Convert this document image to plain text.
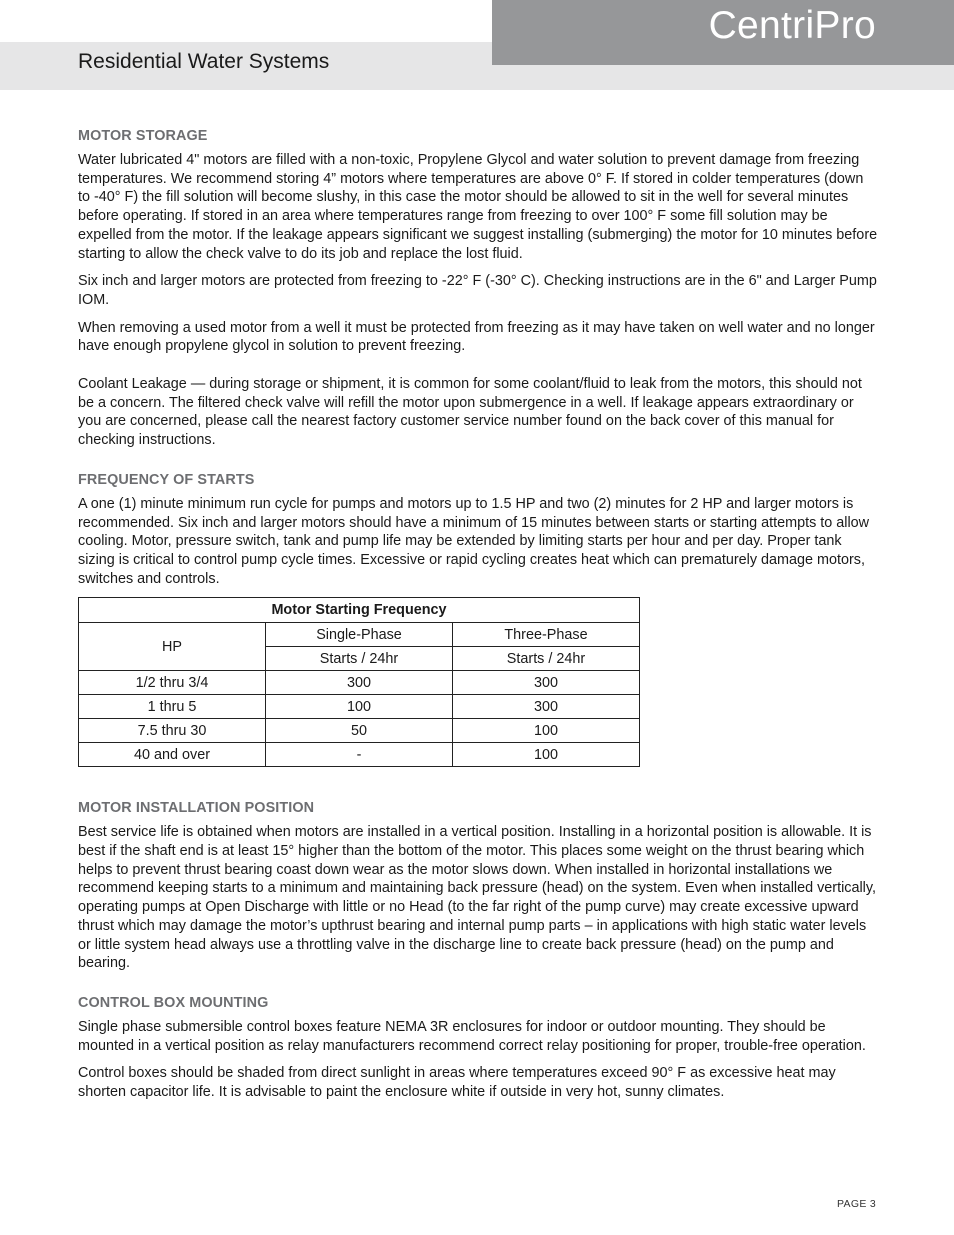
Residential Water Systems
CentriPro
MOTOR STORAGE

Water lubricated 4" motors are filled with a non-toxic, Propylene Glycol and water solution to prevent damage from freezing temperatures. We recommend storing 4” motors where temperatures are above 0° F. If stored in colder temperatures (down to -40° F) the fill solution will become slushy, in this case the motor should be allowed to sit in the well for several minutes before operating. If stored in an area where temperatures range from freezing to over 100° F some fill solution may be expelled from the motor. If the leakage appears significant we suggest installing (submerging) the motor for 10 minutes before starting to allow the check valve to do its job and replace the lost fluid.

Six inch and larger motors are protected from freezing to -22° F (-30° C). Checking instructions are in the 6" and Larger Pump IOM.

When removing a used motor from a well it must be protected from freezing as it may have taken on well water and no longer have enough propylene glycol in solution to prevent freezing.

Coolant Leakage — during storage or shipment, it is common for some coolant/fluid to leak from the motors, this should not be a concern. The filtered check valve will refill the motor upon submergence in a well. If leakage appears extraordinary or you are concerned, please call the nearest factory customer service number found on the back cover of this manual for checking instructions.

FREQUENCY OF STARTS

A one (1) minute minimum run cycle for pumps and motors up to 1.5 HP and two (2) minutes for 2 HP and larger motors is recommended. Six inch and larger motors should have a minimum of 15 minutes between starts or starting attempts to allow cooling. Motor, pressure switch, tank and pump life may be extended by limiting starts per hour and per day. Proper tank sizing is critical to control pump cycle times. Excessive or rapid cycling creates heat which can prematurely damage motors, switches and controls.

Motor Starting Frequency		
HP	Single-Phase	Three-Phase
	Starts / 24hr	Starts / 24hr
1/2 thru 3/4	300	300
1 thru 5	100	300
7.5 thru 30	50	100
40 and over	-	100
MOTOR INSTALLATION POSITION

Best service life is obtained when motors are installed in a vertical position. Installing in a horizontal position is allowable. It is best if the shaft end is at least 15° higher than the bottom of the motor. This places some weight on the thrust bearing which helps to prevent thrust bearing coast down wear as the motor slows down. When installed in horizontal installations we recommend keeping starts to a minimum and maintaining back pressure (head) on the system. Even when installed vertically, operating pumps at Open Discharge with little or no Head (to the far right of the pump curve) may create excessive upward thrust which may damage the motor’s upthrust bearing and internal pump parts – in applications with high static water levels or little system head always use a throttling valve in the discharge line to create back pressure (head) on the pump and bearing.

CONTROL BOX MOUNTING

Single phase submersible control boxes feature NEMA 3R enclosures for indoor or outdoor mounting. They should be mounted in a vertical position as relay manufacturers recommend correct relay positioning for proper, trouble-free operation.

Control boxes should be shaded from direct sunlight in areas where temperatures exceed 90° F as excessive heat may shorten capacitor life. It is advisable to paint the enclosure white if outside in very hot, sunny climates.

PAGE 3
